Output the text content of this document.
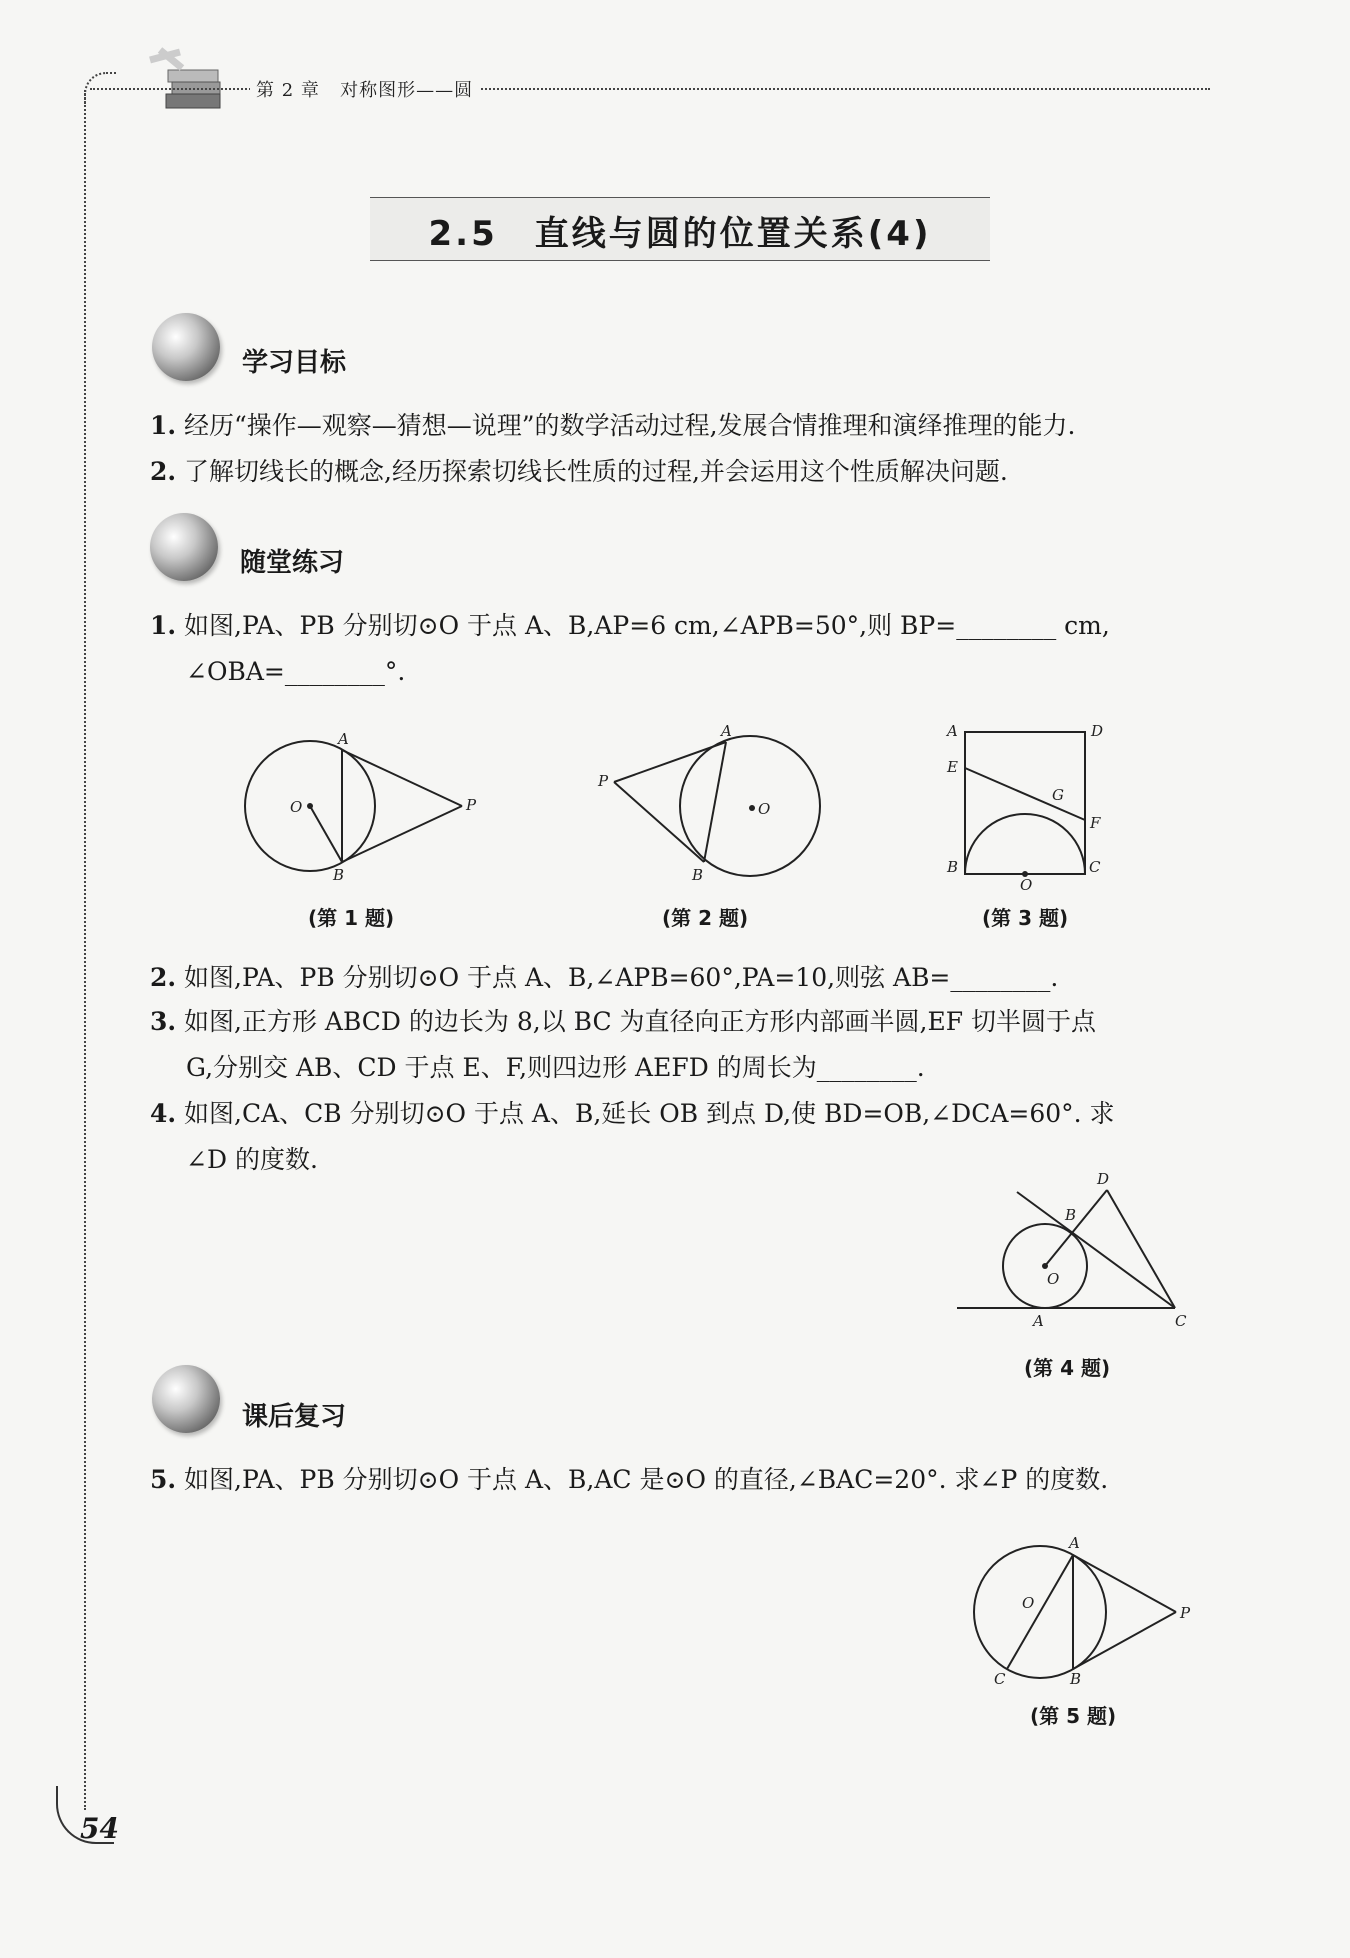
第 2 章 对称图形——圆
2.5　直线与圆的位置关系(4)
学习目标
1. 经历“操作—观察—猜想—说理”的数学活动过程,发展合情推理和演绎推理的能力.
2. 了解切线长的概念,经历探索切线长性质的过程,并会运用这个性质解决问题.
随堂练习
1. 如图,PA、PB 分别切⊙O 于点 A、B,AP=6 cm,∠APB=50°,则 BP=________ cm,
∠OBA=________°.
A
B
O	P
(第 1 题)
A
B
O
P
(第 2 题)
A	D
E
G
F
B	C
O
(第 3 题)
2. 如图,PA、PB 分别切⊙O 于点 A、B,∠APB=60°,PA=10,则弦 AB=________.
3. 如图,正方形 ABCD 的边长为 8,以 BC 为直径向正方形内部画半圆,EF 切半圆于点
G,分别交 AB、CD 于点 E、F,则四边形 AEFD 的周长为________.
4. 如图,CA、CB 分别切⊙O 于点 A、B,延长 OB 到点 D,使 BD=OB,∠DCA=60°. 求
∠D 的度数.
D
B
O
A	C
(第 4 题)
课后复习
5. 如图,PA、PB 分别切⊙O 于点 A、B,AC 是⊙O 的直径,∠BAC=20°. 求∠P 的度数.
A
O
P
C	B
(第 5 题)
54
